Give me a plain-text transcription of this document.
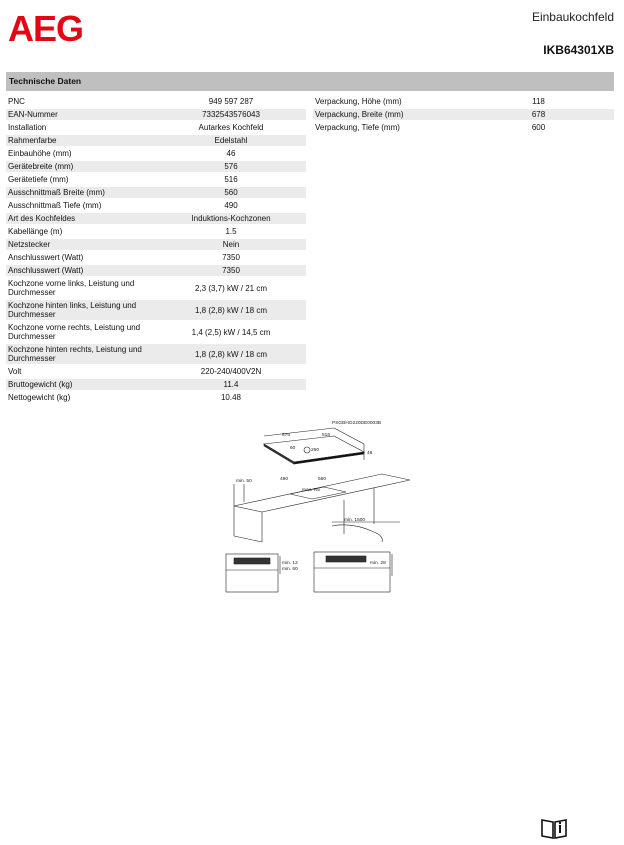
AEG	Einbaukochfeld
IKB64301XB
Technische Daten
PNC	949 597 287
EAN-Nummer	7332543576043
Installation	Autarkes Kochfeld
Rahmenfarbe	Edelstahl
Einbauhöhe (mm)	46
Gerätebreite (mm)	576
Gerätetiefe (mm)	516
Ausschnittmaß Breite (mm)	560
Ausschnittmaß Tiefe (mm)	490
Art des Kochfeldes	Induktions-Kochzonen
Kabellänge (m)	1.5
Netzstecker	Nein
Anschlusswert (Watt)	7350
Anschlusswert (Watt)	7350
Kochzone vorne links, Leistung und Durchmesser	2,3 (3,7) kW / 21 cm
Kochzone hinten links, Leistung und Durchmesser	1,8 (2,8) kW / 18 cm
Kochzone vorne rechts, Leistung und Durchmesser	1,4 (2,5) kW / 14,5 cm
Kochzone hinten rechts, Leistung und Durchmesser	1,8 (2,8) kW / 18 cm
Volt	220-240/400V2N
Bruttogewicht (kg)	11.4
Nettogewicht (kg)	10.48
Verpackung, Höhe (mm)	118
Verpackung, Breite (mm)	678
Verpackung, Tiefe (mm)	600
PSGBHO220DE0003B
576	516
46
60	260
min. 50	490	560
max. R5
min. 1500
min. 12
min. 60
min. 28
